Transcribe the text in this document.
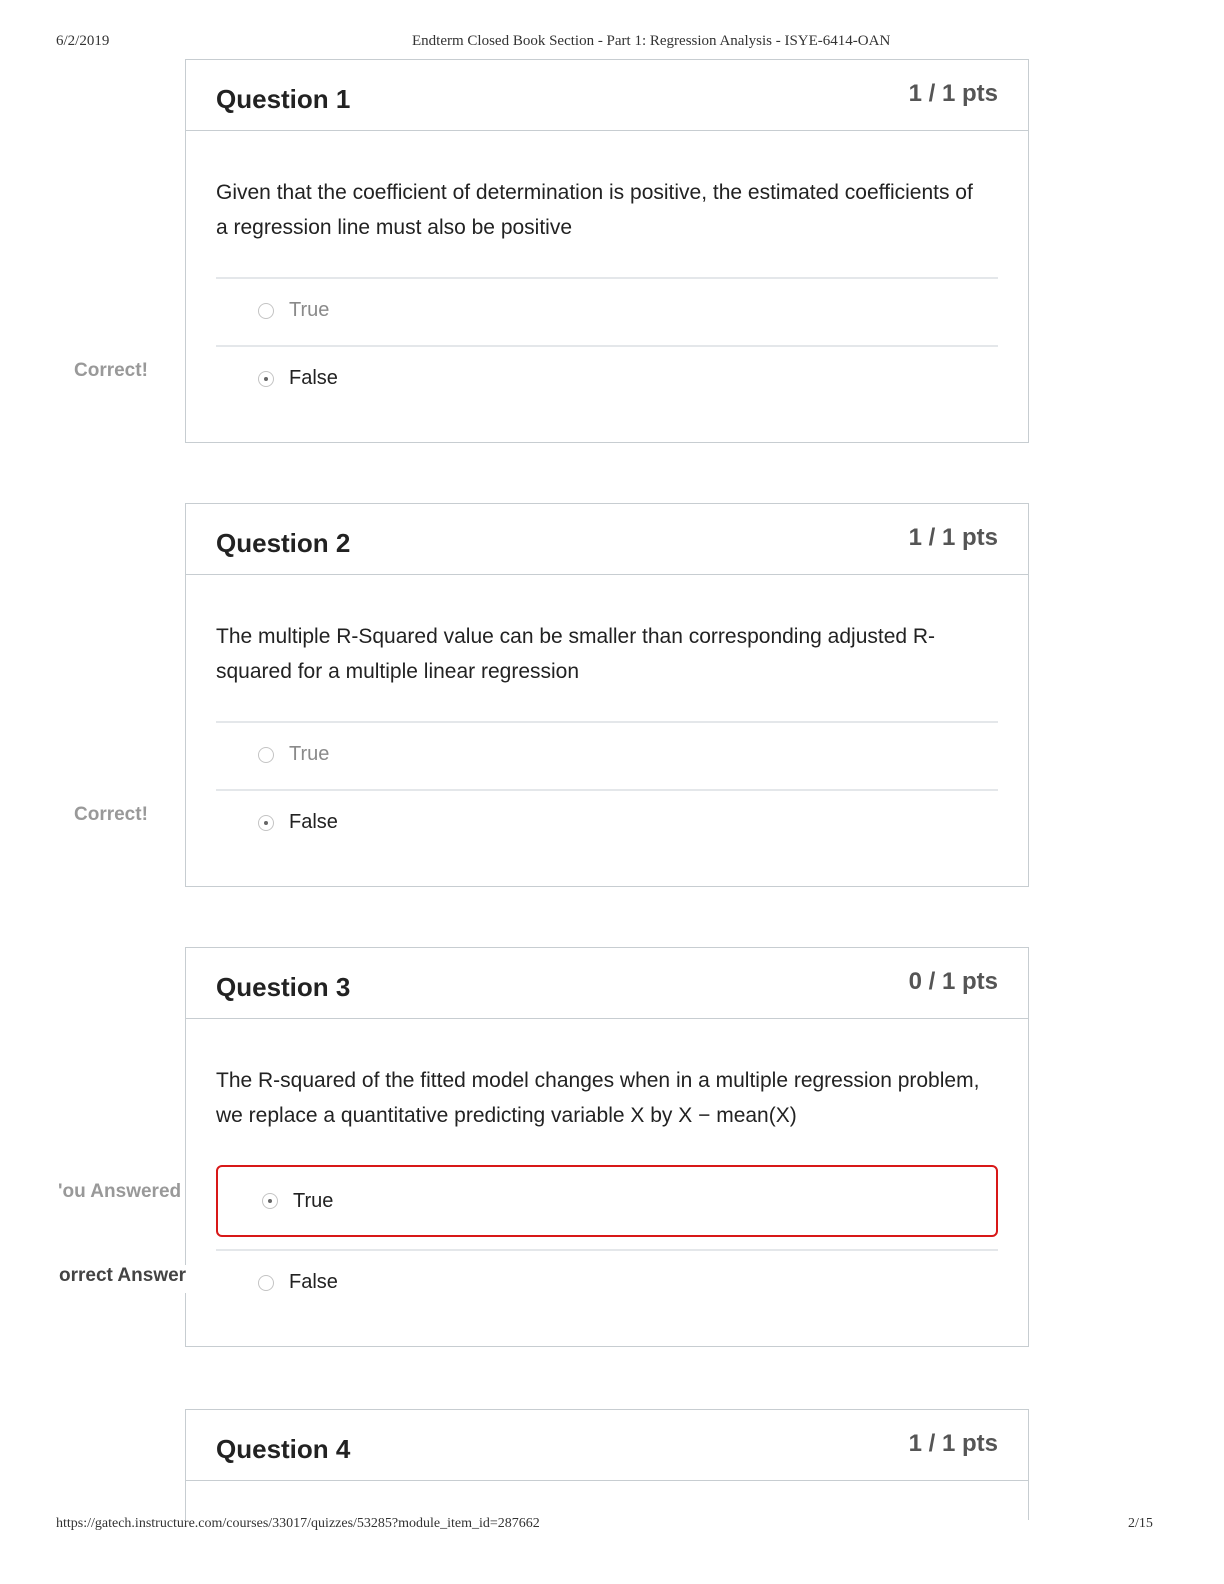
6/2/2019	Endterm Closed Book Section - Part 1: Regression Analysis - ISYE-6414-OAN
Question 1	1 / 1 pts
Given that the coefficient of determination is positive, the estimated coefficients of a regression line must also be positive
True
False
Correct!
Question 2	1 / 1 pts
The multiple R-Squared value can be smaller than corresponding adjusted R-squared for a multiple linear regression
True
False
Correct!
Question 3	0 / 1 pts
The R-squared of the fitted model changes when in a multiple regression problem, we replace a quantitative predicting variable X by X − mean(X)
True
False
'ou Answered
orrect Answer
Question 4	1 / 1 pts
https://gatech.instructure.com/courses/33017/quizzes/53285?module_item_id=287662	2/15
